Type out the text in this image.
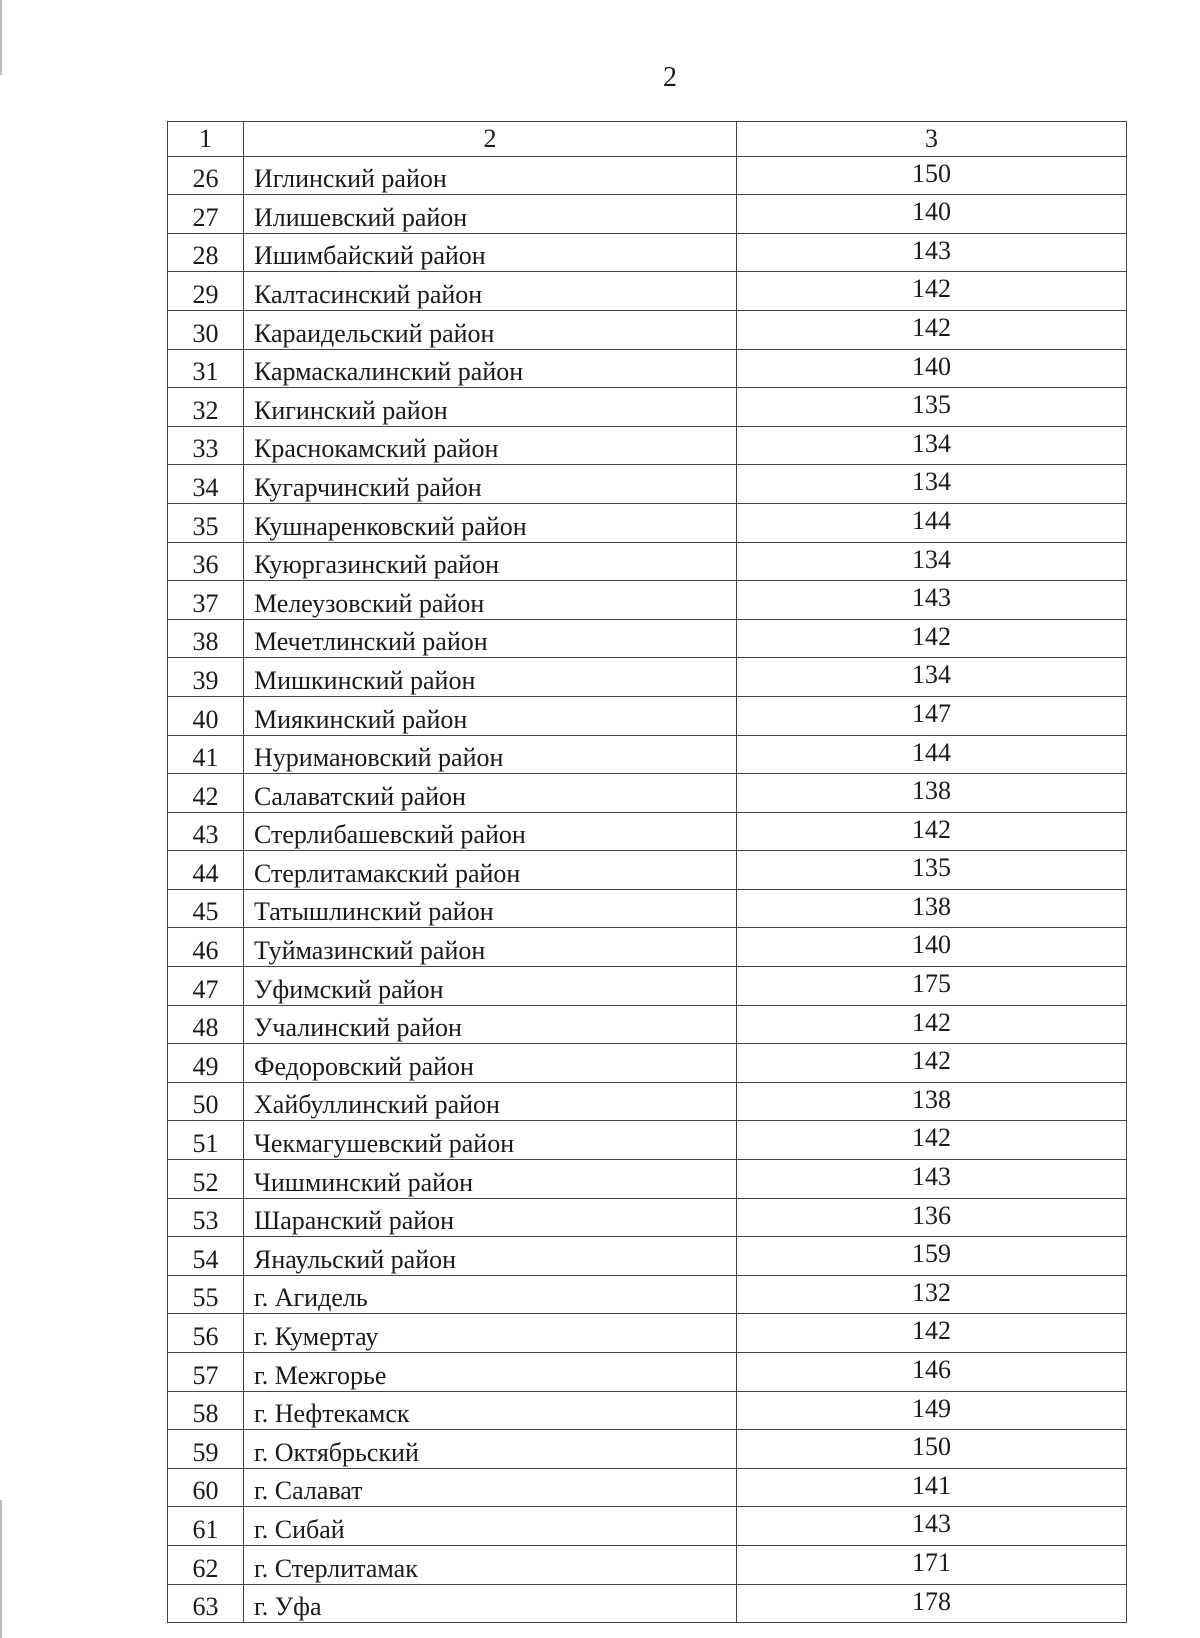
2
1	2	3
26	Иглинский район	150
27	Илишевский район	140
28	Ишимбайский район	143
29	Калтасинский район	142
30	Караидельский район	142
31	Кармаскалинский район	140
32	Кигинский район	135
33	Краснокамский район	134
34	Кугарчинский район	134
35	Кушнаренковский район	144
36	Куюргазинский район	134
37	Мелеузовский район	143
38	Мечетлинский район	142
39	Мишкинский район	134
40	Миякинский район	147
41	Нуримановский район	144
42	Салаватский район	138
43	Стерлибашевский район	142
44	Стерлитамакский район	135
45	Татышлинский район	138
46	Туймазинский район	140
47	Уфимский район	175
48	Учалинский район	142
49	Федоровский район	142
50	Хайбуллинский район	138
51	Чекмагушевский район	142
52	Чишминский район	143
53	Шаранский район	136
54	Янаульский район	159
55	г. Агидель	132
56	г. Кумертау	142
57	г. Межгорье	146
58	г. Нефтекамск	149
59	г. Октябрьский	150
60	г. Салават	141
61	г. Сибай	143
62	г. Стерлитамак	171
63	г. Уфа	178
